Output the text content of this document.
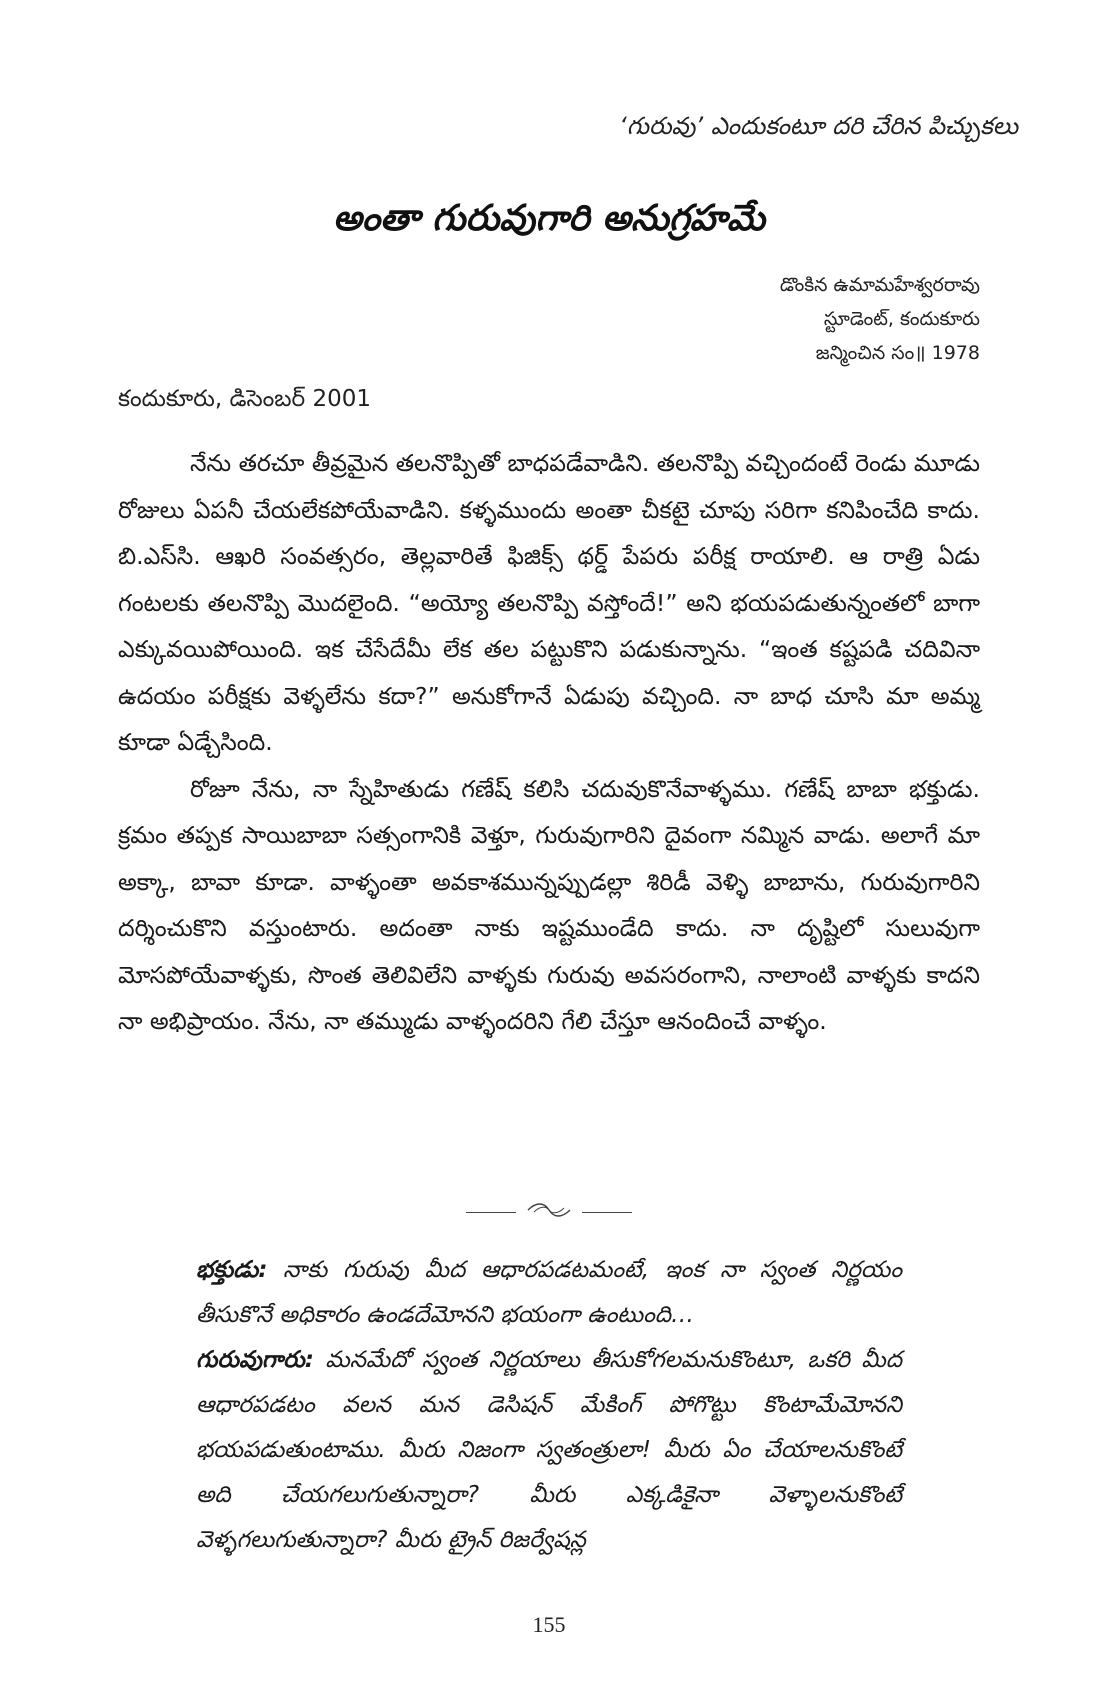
‘గురువు’ ఎందుకంటూ దరి చేరిన పిచ్చుకలు
అంతా గురువుగారి అనుగ్రహమే
డొంకిన ఉమామహేశ్వరరావు
స్టూడెంట్, కందుకూరు
జన్మించిన సం॥ 1978
కందుకూరు, డిసెంబర్ 2001

నేను తరచూ తీవ్రమైన తలనొప్పితో బాధపడేవాడిని. తలనొప్పి వచ్చిందంటే రెండు మూడు రోజులు ఏపనీ చేయలేకపోయేవాడిని. కళ్ళముందు అంతా చీకటై చూపు సరిగా కనిపించేది కాదు. బి.ఎస్‌సి. ఆఖరి సంవత్సరం, తెల్లవారితే ఫిజిక్స్ థర్డ్ పేపరు పరీక్ష రాయాలి. ఆ రాత్రి ఏడు గంటలకు తలనొప్పి మొదలైంది. “అయ్యో తలనొప్పి వస్తోందే!” అని భయపడుతున్నంతలో బాగా ఎక్కువయిపోయింది. ఇక చేసేదేమీ లేక తల పట్టుకొని పడుకున్నాను. “ఇంత కష్టపడి చదివినా ఉదయం పరీక్షకు వెళ్ళలేను కదా?” అనుకోగానే ఏడుపు వచ్చింది. నా బాధ చూసి మా అమ్మ కూడా ఏడ్చేసింది.

రోజూ నేను, నా స్నేహితుడు గణేష్ కలిసి చదువుకొనేవాళ్ళము. గణేష్ బాబా భక్తుడు. క్రమం తప్పక సాయిబాబా సత్సంగానికి వెళ్తూ, గురువుగారిని దైవంగా నమ్మిన వాడు. అలాగే మా అక్కా, బావా కూడా. వాళ్ళంతా అవకాశమున్నప్పుడల్లా శిరిడీ వెళ్ళి బాబాను, గురువుగారిని దర్శించుకొని వస్తుంటారు. అదంతా నాకు ఇష్టముండేది కాదు. నా దృష్టిలో సులువుగా మోసపోయేవాళ్ళకు, సొంత తెలివిలేని వాళ్ళకు గురువు అవసరంగాని, నాలాంటి వాళ్ళకు కాదని నా అభిప్రాయం. నేను, నా తమ్ముడు వాళ్ళందరిని గేలి చేస్తూ ఆనందించే వాళ్ళం.

భక్తుడు: నాకు గురువు మీద ఆధారపడటమంటే, ఇంక నా స్వంత నిర్ణయం తీసుకొనే అధికారం ఉండదేమోనని భయంగా ఉంటుంది…

గురువుగారు: మనమేదో స్వంత నిర్ణయాలు తీసుకోగలమనుకొంటూ, ఒకరి మీద ఆధారపడటం వలన మన డెసిషన్ మేకింగ్ పోగొట్టు కొంటామేమోనని భయపడుతుంటాము. మీరు నిజంగా స్వతంత్రులా! మీరు ఏం చేయాలనుకొంటే అది చేయగలుగుతున్నారా? మీరు ఎక్కడికైనా వెళ్ళాలనుకొంటే వెళ్ళగలుగుతున్నారా? మీరు ట్రైన్ రిజర్వేషన్ల

155
